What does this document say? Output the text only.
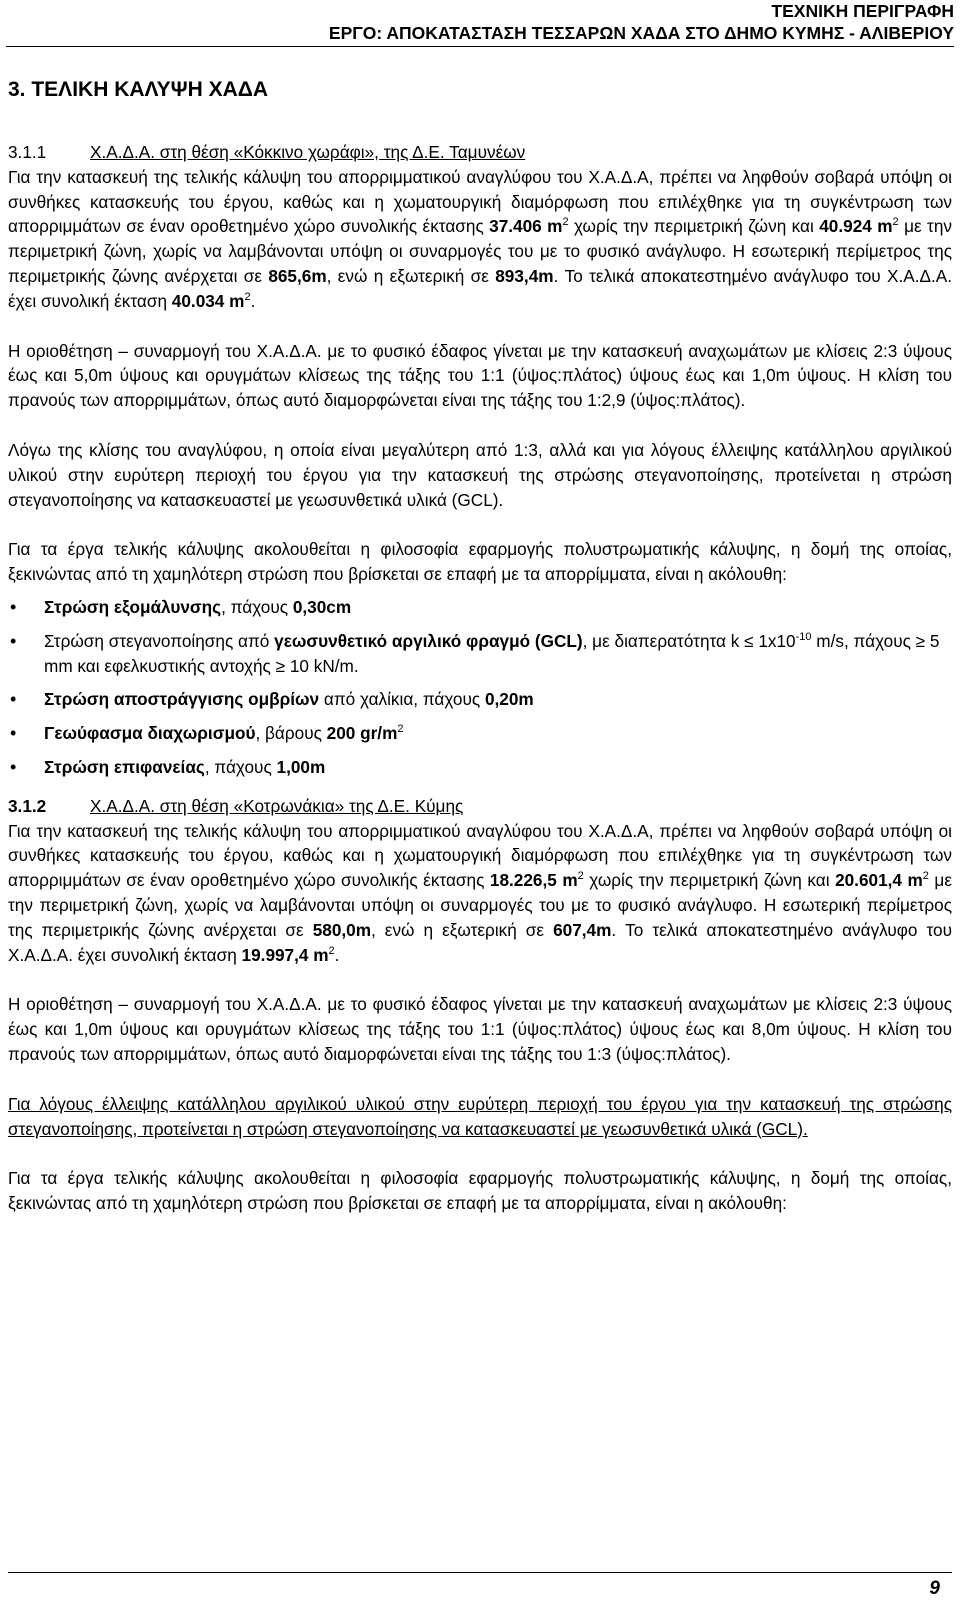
ΤΕΧΝΙΚΗ ΠΕΡΙΓΡΑΦΗ
ΕΡΓΟ: ΑΠΟΚΑΤΑΣΤΑΣΗ ΤΕΣΣΑΡΩΝ ΧΑΔΑ ΣΤΟ ΔΗΜΟ ΚΥΜΗΣ - ΑΛΙΒΕΡΙΟΥ
3. ΤΕΛΙΚΗ ΚΑΛΥΨΗ ΧΑΔΑ
3.1.1	Χ.Α.Δ.Α. στη θέση «Κόκκινο χωράφι», της Δ.Ε. Ταμυνέων

Για την κατασκευή της τελικής κάλυψη του απορριμματικού αναγλύφου του Χ.Α.Δ.Α, πρέπει να ληφθούν σοβαρά υπόψη οι συνθήκες κατασκευής του έργου, καθώς και η χωματουργική διαμόρφωση που επιλέχθηκε για τη συγκέντρωση των απορριμμάτων σε έναν οροθετημένο χώρο συνολικής έκτασης 37.406 $m^2$ χωρίς την περιμετρική ζώνη και 40.924 $m^2$ με την περιμετρική ζώνη, χωρίς να λαμβάνονται υπόψη οι συναρμογές του με το φυσικό ανάγλυφο. Η εσωτερική περίμετρος της περιμετρικής ζώνης ανέρχεται σε 865,6m, ενώ η εξωτερική σε 893,4m. Το τελικά αποκατεστημένο ανάγλυφο του Χ.Α.Δ.Α. έχει συνολική έκταση 40.034 $m^2$.

Η οριοθέτηση – συναρμογή του Χ.Α.Δ.Α. με το φυσικό έδαφος γίνεται με την κατασκευή αναχωμάτων με κλίσεις 2:3 ύψους έως και 5,0m ύψους και ορυγμάτων κλίσεως της τάξης του 1:1 (ύψος:πλάτος) ύψους έως και 1,0m ύψους. Η κλίση του πρανούς των απορριμμάτων, όπως αυτό διαμορφώνεται είναι της τάξης του 1:2,9 (ύψος:πλάτος).

Λόγω της κλίσης του αναγλύφου, η οποία είναι μεγαλύτερη από 1:3, αλλά και για λόγους έλλειψης κατάλληλου αργιλικού υλικού στην ευρύτερη περιοχή του έργου για την κατασκευή της στρώσης στεγανοποίησης, προτείνεται η στρώση στεγανοποίησης να κατασκευαστεί με γεωσυνθετικά υλικά (GCL).

Για τα έργα τελικής κάλυψης ακολουθείται η φιλοσοφία εφαρμογής πολυστρωματικής κάλυψης, η δομή της οποίας, ξεκινώντας από τη χαμηλότερη στρώση που βρίσκεται σε επαφή με τα απορρίμματα, είναι η ακόλουθη:

• Στρώση εξομάλυνσης, πάχους 0,30cm
• Στρώση στεγανοποίησης από γεωσυνθετικό αργιλικό φραγμό (GCL), με διαπερατότητα $k \le 1x10^{-10}$ m/s, πάχους ≥ 5 mm και εφελκυστικής αντοχής ≥ 10 kN/m.
• Στρώση αποστράγγισης ομβρίων από χαλίκια, πάχους 0,20m
• Γεωύφασμα διαχωρισμού, βάρους 200 $gr/m^2$
• Στρώση επιφανείας, πάχους 1,00m
3.1.2	Χ.Α.Δ.Α. στη θέση «Κοτρωνάκια» της Δ.Ε. Κύμης

Για την κατασκευή της τελικής κάλυψη του απορριμματικού αναγλύφου του Χ.Α.Δ.Α, πρέπει να ληφθούν σοβαρά υπόψη οι συνθήκες κατασκευής του έργου, καθώς και η χωματουργική διαμόρφωση που επιλέχθηκε για τη συγκέντρωση των απορριμμάτων σε έναν οροθετημένο χώρο συνολικής έκτασης 18.226,5 $m^2$ χωρίς την περιμετρική ζώνη και 20.601,4 $m^2$ με την περιμετρική ζώνη, χωρίς να λαμβάνονται υπόψη οι συναρμογές του με το φυσικό ανάγλυφο. Η εσωτερική περίμετρος της περιμετρικής ζώνης ανέρχεται σε 580,0m, ενώ η εξωτερική σε 607,4m. Το τελικά αποκατεστημένο ανάγλυφο του Χ.Α.Δ.Α. έχει συνολική έκταση 19.997,4 $m^2$.

Η οριοθέτηση – συναρμογή του Χ.Α.Δ.Α. με το φυσικό έδαφος γίνεται με την κατασκευή αναχωμάτων με κλίσεις 2:3 ύψους έως και 1,0m ύψους και ορυγμάτων κλίσεως της τάξης του 1:1 (ύψος:πλάτος) ύψους έως και 8,0m ύψους. Η κλίση του πρανούς των απορριμμάτων, όπως αυτό διαμορφώνεται είναι της τάξης του 1:3 (ύψος:πλάτος).

Για λόγους έλλειψης κατάλληλου αργιλικού υλικού στην ευρύτερη περιοχή του έργου για την κατασκευή της στρώσης στεγανοποίησης, προτείνεται η στρώση στεγανοποίησης να κατασκευαστεί με γεωσυνθετικά υλικά (GCL).

Για τα έργα τελικής κάλυψης ακολουθείται η φιλοσοφία εφαρμογής πολυστρωματικής κάλυψης, η δομή της οποίας, ξεκινώντας από τη χαμηλότερη στρώση που βρίσκεται σε επαφή με τα απορρίμματα, είναι η ακόλουθη:

9
